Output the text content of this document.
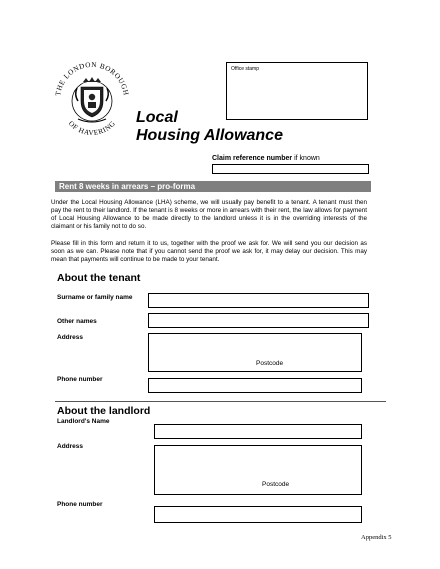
THE LONDON BOROUGH
OF HAVERING
Office stamp
Local
Housing Allowance
Claim reference number if known
Rent 8 weeks in arrears – pro-forma
Under the Local Housing Allowance (LHA) scheme, we will usually pay benefit to a tenant. A tenant must then pay the rent to their landlord. If the tenant is 8 weeks or more in arrears with their rent, the law allows for payment of Local Housing Allowance to be made directly to the landlord unless it is in the overriding interests of the claimant or his family not to do so.
Please fill in this form and return it to us, together with the proof we ask for. We will send you our decision as soon as we can. Please note that if you cannot send the proof we ask for, it may delay our decision. This may mean that payments will continue to be made to your tenant.
About the tenant
Surname or family name
Other names
Address
Postcode
Phone number
About the landlord
Landlord's Name
Address
Postcode
Phone number
Appendix 5
